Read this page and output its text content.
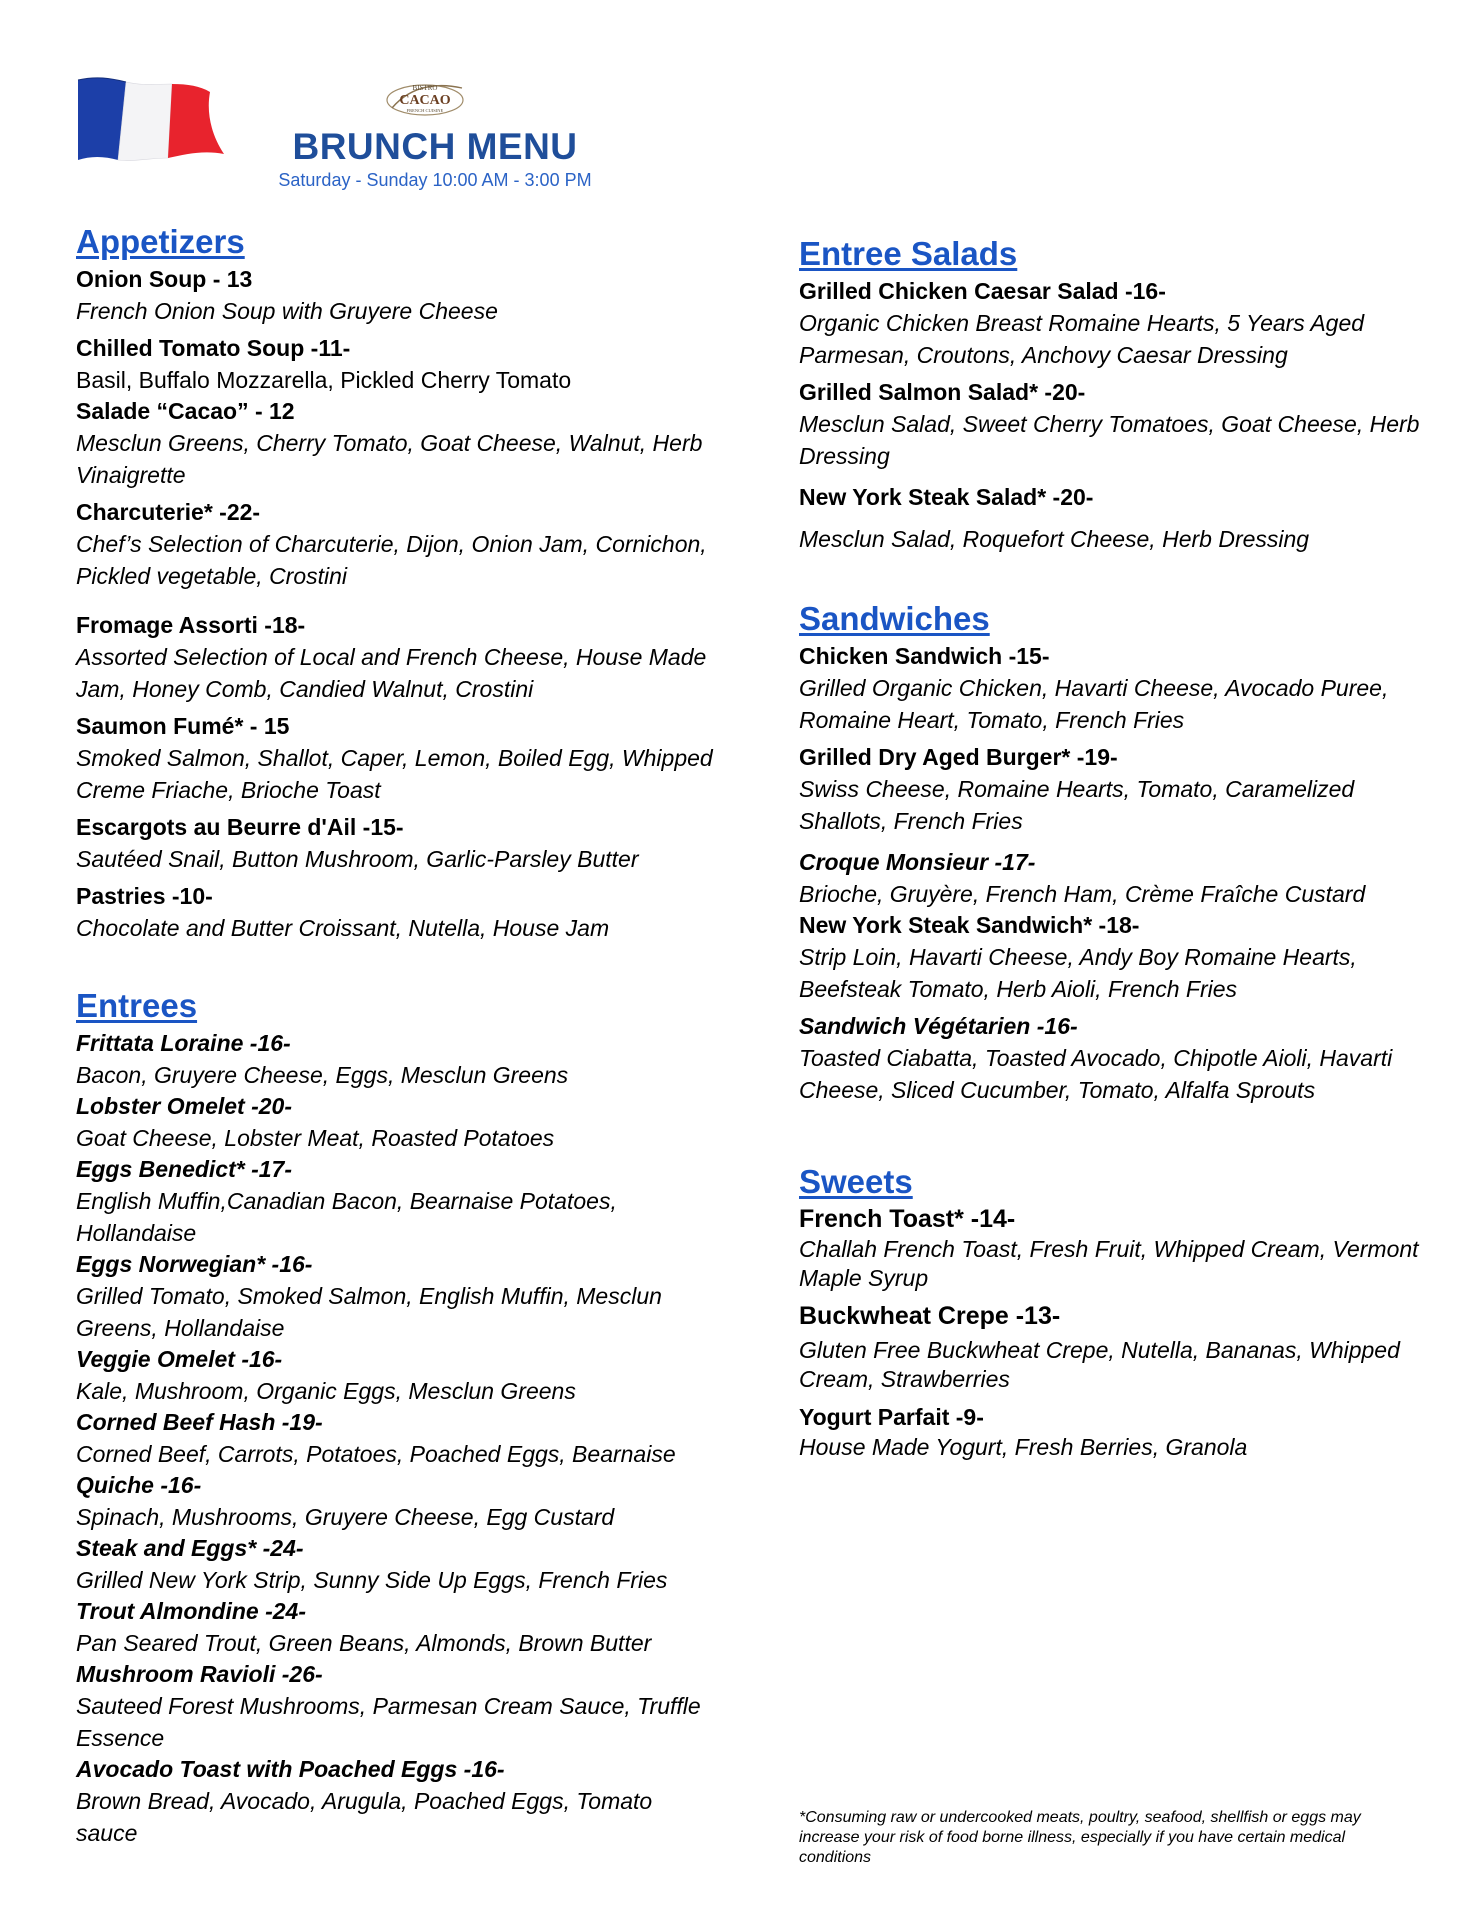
BISTRO
CACAO
FRENCH CUISINE
BRUNCH MENU
Saturday - Sunday 10:00 AM - 3:00 PM
Appetizers
Onion Soup - 13
French Onion Soup with Gruyere Cheese
Chilled Tomato Soup -11-
Basil, Buffalo Mozzarella, Pickled Cherry Tomato
Salade “Cacao” - 12
Mesclun Greens, Cherry Tomato, Goat Cheese, Walnut, Herb Vinaigrette
Charcuterie* -22-
Chef’s Selection of Charcuterie, Dijon, Onion Jam, Cornichon, Pickled vegetable, Crostini
Fromage Assorti -18-
Assorted Selection of Local and French Cheese, House Made Jam, Honey Comb, Candied Walnut, Crostini
Saumon Fumé* - 15
Smoked Salmon, Shallot, Caper, Lemon, Boiled Egg, Whipped Creme Friache, Brioche Toast
Escargots au Beurre d'Ail -15-
Sautéed Snail, Button Mushroom, Garlic-Parsley Butter
Pastries -10-
Chocolate and Butter Croissant, Nutella, House Jam
Entrees
Frittata Loraine -16-
Bacon, Gruyere Cheese, Eggs, Mesclun Greens
Lobster Omelet -20-
Goat Cheese, Lobster Meat, Roasted Potatoes
Eggs Benedict* -17-
English Muffin,Canadian Bacon, Bearnaise Potatoes, Hollandaise
Eggs Norwegian* -16-
Grilled Tomato, Smoked Salmon, English Muffin, Mesclun Greens, Hollandaise
Veggie Omelet -16-
Kale, Mushroom, Organic Eggs, Mesclun Greens
Corned Beef Hash -19-
Corned Beef, Carrots, Potatoes, Poached Eggs, Bearnaise
Quiche -16-
Spinach, Mushrooms, Gruyere Cheese, Egg Custard
Steak and Eggs* -24-
Grilled New York Strip, Sunny Side Up Eggs, French Fries
Trout Almondine -24-
Pan Seared Trout, Green Beans, Almonds, Brown Butter
Mushroom Ravioli -26-
Sauteed Forest Mushrooms, Parmesan Cream Sauce, Truffle Essence
Avocado Toast with Poached Eggs -16-
Brown Bread, Avocado, Arugula, Poached Eggs, Tomato sauce
Entree Salads
Grilled Chicken Caesar Salad -16-
Organic Chicken Breast Romaine Hearts, 5 Years Aged Parmesan, Croutons, Anchovy Caesar Dressing
Grilled Salmon Salad* -20-
Mesclun Salad, Sweet Cherry Tomatoes, Goat Cheese, Herb Dressing
New York Steak Salad* -20-
Mesclun Salad, Roquefort Cheese, Herb Dressing
Sandwiches
Chicken Sandwich -15-
Grilled Organic Chicken, Havarti Cheese, Avocado Puree, Romaine Heart, Tomato, French Fries
Grilled Dry Aged Burger* -19-
Swiss Cheese, Romaine Hearts, Tomato, Caramelized Shallots, French Fries
Croque Monsieur -17-
Brioche, Gruyère, French Ham, Crème Fraîche Custard
New York Steak Sandwich* -18-
Strip Loin, Havarti Cheese, Andy Boy Romaine Hearts, Beefsteak Tomato, Herb Aioli, French Fries
Sandwich Végétarien -16-
Toasted Ciabatta, Toasted Avocado, Chipotle Aioli, Havarti Cheese, Sliced Cucumber, Tomato, Alfalfa Sprouts
Sweets
French Toast* -14-
Challah French Toast, Fresh Fruit, Whipped Cream, Vermont Maple Syrup
Buckwheat Crepe -13-
Gluten Free Buckwheat Crepe, Nutella, Bananas, Whipped Cream, Strawberries
Yogurt Parfait -9-
House Made Yogurt, Fresh Berries, Granola
*Consuming raw or undercooked meats, poultry, seafood, shellfish or eggs may increase your risk of food borne illness, especially if you have certain medical conditions
